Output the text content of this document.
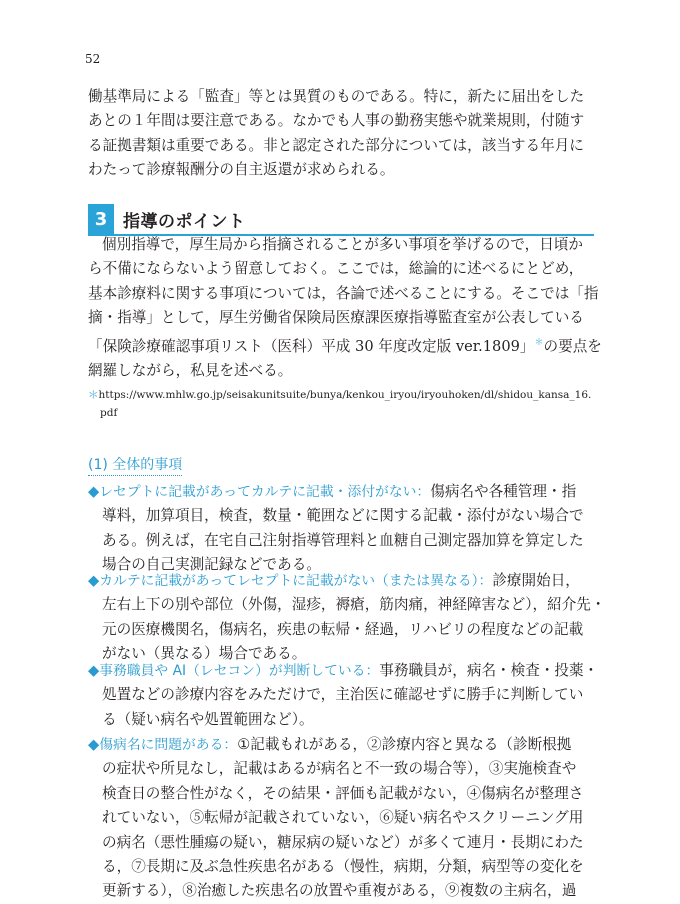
52
働基準局による「監査」等とは異質のものである。特に，新たに届出をした
あとの１年間は要注意である。なかでも人事の勤務実態や就業規則，付随す
る証拠書類は重要である。非と認定された部分については，該当する年月に
わたって診療報酬分の自主返還が求められる。
3 指導のポイント
個別指導で，厚生局から指摘されることが多い事項を挙げるので，日頃か
ら不備にならないよう留意しておく。ここでは，総論的に述べるにとどめ，
基本診療料に関する事項については，各論で述べることにする。そこでは「指
摘・指導」として，厚生労働省保険局医療課医療指導監査室が公表している
「保険診療確認事項リスト（医科）平成 30 年度改定版 ver.1809」＊の要点を
網羅しながら，私見を述べる。
＊https://www.mhlw.go.jp/seisakunitsuite/bunya/kenkou_iryou/iryouhoken/dl/shidou_kansa_16.
pdf
(1) 全体的事項
◆レセプトに記載があってカルテに記載・添付がない：傷病名や各種管理・指
導料，加算項目，検査，数量・範囲などに関する記載・添付がない場合で
ある。例えば，在宅自己注射指導管理料と血糖自己測定器加算を算定した
場合の自己実測記録などである。
◆カルテに記載があってレセプトに記載がない（または異なる）：診療開始日，
左右上下の別や部位（外傷，湿疹，褥瘡，筋肉痛，神経障害など），紹介先・
元の医療機関名，傷病名，疾患の転帰・経過，リハビリの程度などの記載
がない（異なる）場合である。
◆事務職員や AI（レセコン）が判断している：事務職員が，病名・検査・投薬・
処置などの診療内容をみただけで，主治医に確認せずに勝手に判断してい
る（疑い病名や処置範囲など）。
◆傷病名に問題がある：①記載もれがある，②診療内容と異なる（診断根拠
の症状や所見なし，記載はあるが病名と不一致の場合等），③実施検査や
検査日の整合性がなく，その結果・評価も記載がない，④傷病名が整理さ
れていない，⑤転帰が記載されていない，⑥疑い病名やスクリーニング用
の病名（悪性腫瘍の疑い，糖尿病の疑いなど）が多くて連月・長期にわた
る，⑦長期に及ぶ急性疾患名がある（慢性，病期，分類，病型等の変化を
更新する），⑧治癒した疾患名の放置や重複がある，⑨複数の主病名，過
